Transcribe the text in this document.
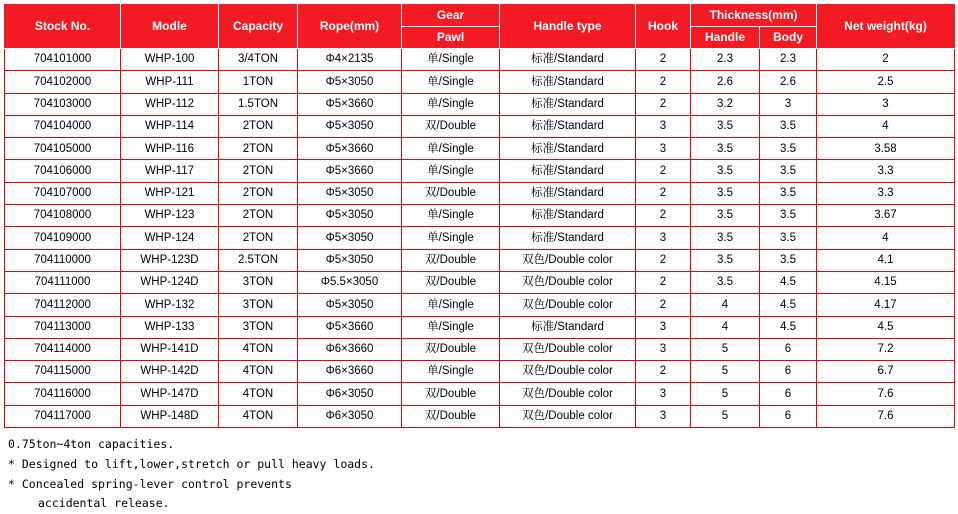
Stock No.	Modle	Capacity	Rope(mm)	Gear	Handle type	Hook	Thickness(mm)		Net weight(kg)
				Pawl			Handle	Body	
704101000	WHP-100	3/4TON	Φ4×2135	单/Single	标准/Standard	2	2.3	2.3	2
704102000	WHP-111	1TON	Φ5×3050	单/Single	标准/Standard	2	2.6	2.6	2.5
704103000	WHP-112	1.5TON	Φ5×3660	单/Single	标准/Standard	2	3.2	3	3
704104000	WHP-114	2TON	Φ5×3050	双/Double	标准/Standard	3	3.5	3.5	4
704105000	WHP-116	2TON	Φ5×3660	单/Single	标准/Standard	3	3.5	3.5	3.58
704106000	WHP-117	2TON	Φ5×3660	单/Single	标准/Standard	2	3.5	3.5	3.3
704107000	WHP-121	2TON	Φ5×3050	双/Double	标准/Standard	2	3.5	3.5	3.3
704108000	WHP-123	2TON	Φ5×3050	单/Single	标准/Standard	2	3.5	3.5	3.67
704109000	WHP-124	2TON	Φ5×3050	单/Single	标准/Standard	3	3.5	3.5	4
704110000	WHP-123D	2.5TON	Φ5×3050	双/Double	双色/Double color	2	3.5	3.5	4.1
704111000	WHP-124D	3TON	Φ5.5×3050	双/Double	双色/Double color	2	3.5	4.5	4.15
704112000	WHP-132	3TON	Φ5×3050	单/Single	双色/Double color	2	4	4.5	4.17
704113000	WHP-133	3TON	Φ5×3660	单/Single	标准/Standard	3	4	4.5	4.5
704114000	WHP-141D	4TON	Φ6×3660	双/Double	双色/Double color	3	5	6	7.2
704115000	WHP-142D	4TON	Φ6×3660	单/Single	双色/Double color	2	5	6	6.7
704116000	WHP-147D	4TON	Φ6×3050	双/Double	双色/Double color	3	5	6	7.6
704117000	WHP-148D	4TON	Φ6×3050	双/Double	双色/Double color	3	5	6	7.6
0.75ton~4ton capacities.
* Designed to lift,lower,stretch or pull heavy loads.
* Concealed spring-lever control prevents
accidental release.
